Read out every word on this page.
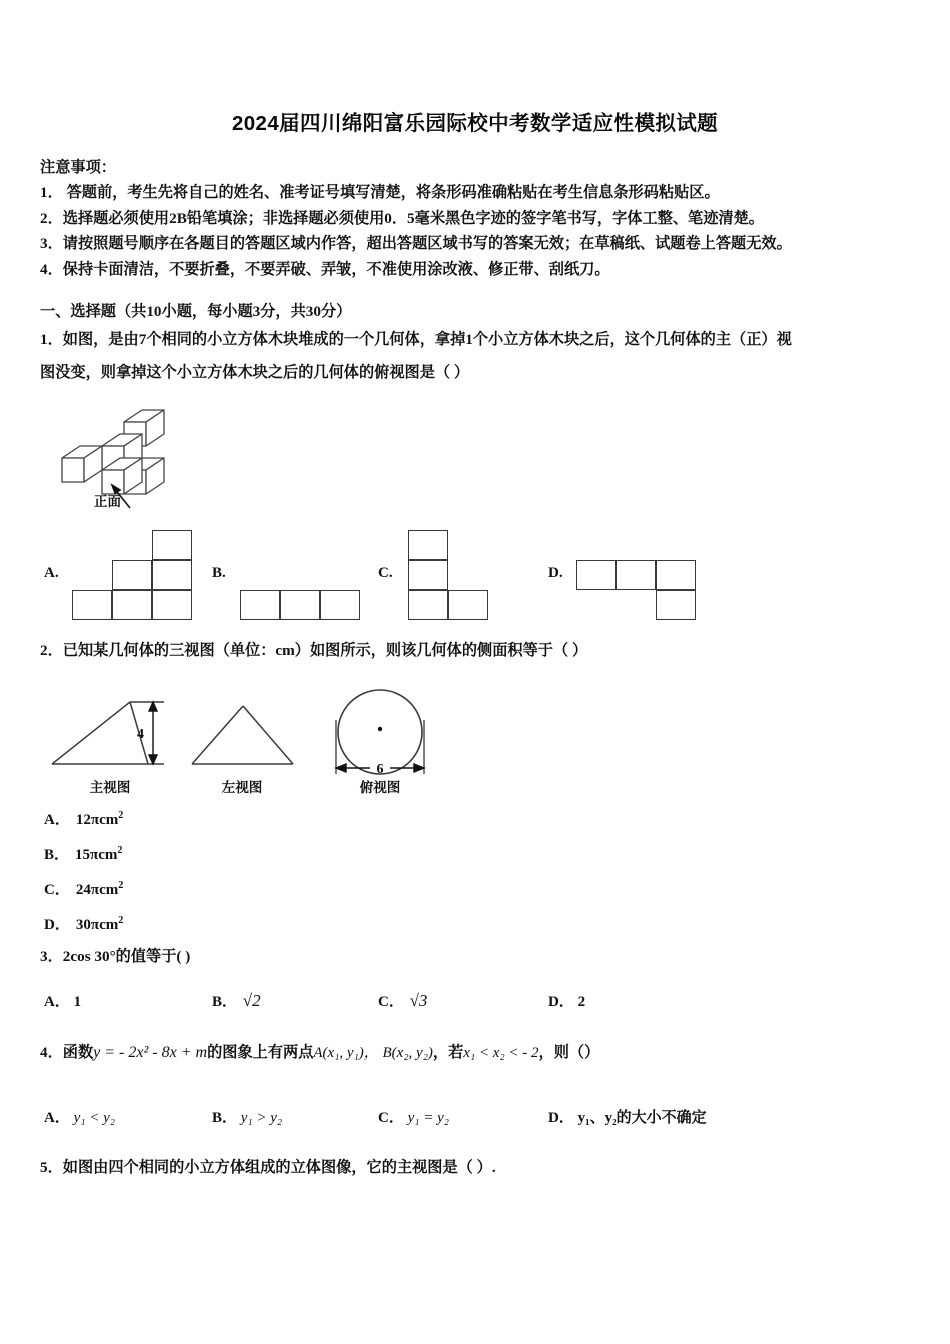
2024届四川绵阳富乐园际校中考数学适应性模拟试题
注意事项：
1． 答题前，考生先将自己的姓名、准考证号填写清楚，将条形码准确粘贴在考生信息条形码粘贴区。
2．选择题必须使用2B铅笔填涂；非选择题必须使用0．5毫米黑色字迹的签字笔书写，字体工整、笔迹清楚。
3．请按照题号顺序在各题目的答题区域内作答，超出答题区域书写的答案无效；在草稿纸、试题卷上答题无效。
4．保持卡面清洁，不要折叠，不要弄破、弄皱，不准使用涂改液、修正带、刮纸刀。
一、选择题（共10小题，每小题3分，共30分）
1．如图，是由7个相同的小立方体木块堆成的一个几何体，拿掉1个小立方体木块之后，这个几何体的主（正）视
图没变，则拿掉这个小立方体木块之后的几何体的俯视图是（ ）
正面
A.	B.	C.	D.
2．已知某几何体的三视图（单位：cm）如图所示，则该几何体的侧面积等于（ ）
4
6
主视图	左视图	俯视图
A． 12πcm$^2$
B． 15πcm$^2$
C． 24πcm$^2$
D． 30πcm$^2$
3．2cos 30°的值等于( )
A． 1	B． √2	C． √3	D． 2
4．函数y = - 2x² - 8x + m的图象上有两点A(x₁, y₁)， B(x₂, y₂)，若x₁ < x₂ < - 2，则（）
A． y₁ < y₂	B． y₁ > y₂	C． y₁ = y₂	D． y₁、y₂的大小不确定
5．如图由四个相同的小立方体组成的立体图像，它的主视图是（ ）.
